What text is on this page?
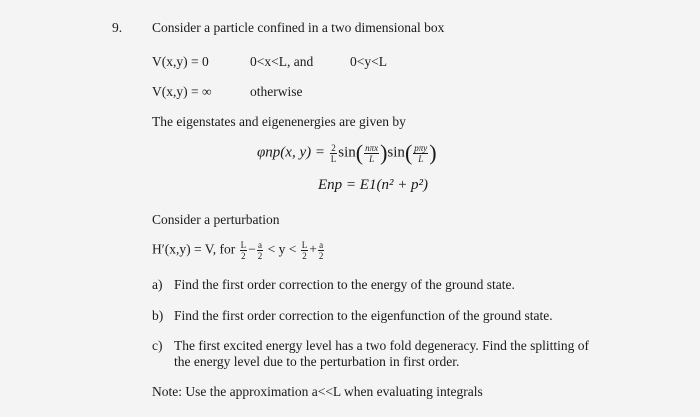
9. Consider a particle confined in a two dimensional box
V(x,y) = 0	0<x<L, and	0<y<L
V(x,y) = ∞	otherwise
The eigenstates and eigenenergies are given by
φnp(x, $y) = \frac{2}{L} \sin( \frac{\text{nπx}}{L} )\sin( \frac{\text{pπy}}{L}$ )
Enp = E1(n² + p²)
Consider a perturbation
H′(x,y) = V, for $\frac{L}{2} - \frac{a}{2} < y < \frac{L}{2} + \frac{a}{2}$
a) Find the first order correction to the energy of the ground state.
b) Find the first order correction to the eigenfunction of the ground state.
c) The first excited energy level has a two fold degeneracy. Find the splitting of the energy level due to the perturbation in first order.
Note: Use the approximation a<<L when evaluating integrals
